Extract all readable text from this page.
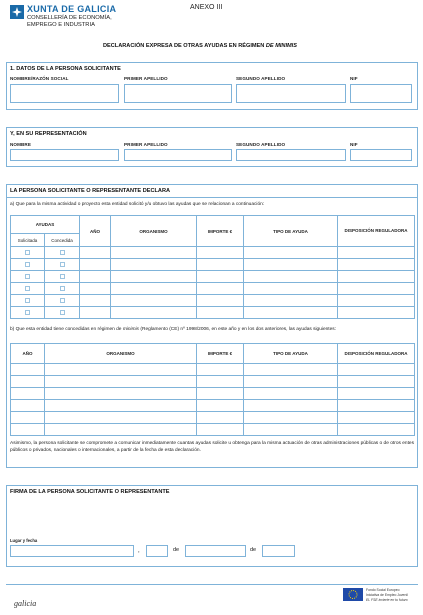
XUNTA DE GALICIA
CONSELLERÍA DE ECONOMÍA,
EMPREGO E INDUSTRIA
ANEXO III
DECLARACIÓN EXPRESA DE OTRAS AYUDAS EN RÉGIMEN DE MINIMIS
1. DATOS DE LA PERSONA SOLICITANTE
NOMBRE/RAZÓN SOCIAL	PRIMER APELLIDO	SEGUNDO APELLIDO	NIF
Y, EN SU REPRESENTACIÓN
NOMBRE	PRIMER APELLIDO	SEGUNDO APELLIDO	NIF
LA PERSONA SOLICITANTE O REPRESENTANTE DECLARA
a) Que para la misma actividad o proyecto esta entidad solicitó y/u obtuvo las ayudas que se relacionan a continuación:
AYUDAS		AÑO	ORGANISMO	IMPORTE €	TIPO DE AYUDA	DISPOSICIÓN REGULADORA
Solicitada	Concedida					

b) Que esta entidad tiene concedidas en régimen de minimis (Reglamento (CE) nº 1998/2006, en este año y en los dos anteriores, las ayudas siguientes:
AÑO	ORGANISMO	IMPORTE €	TIPO DE AYUDA	DISPOSICIÓN REGULADORA

Asimismo, la persona solicitante se compromete a comunicar inmediatamente cuantas ayudas solicite u obtenga para la misma actuación de otras administraciones públicas o de otros entes públicos o privados, nacionales o internacionales, a partir de la fecha de esta declaración.
FIRMA DE LA PERSONA SOLICITANTE O REPRESENTANTE
Lugar y fecha
,	de	de
galicia
Fondo Social Europeo
Iniciativa de Empleo Juvenil
EL FSE invierte en tu futuro
